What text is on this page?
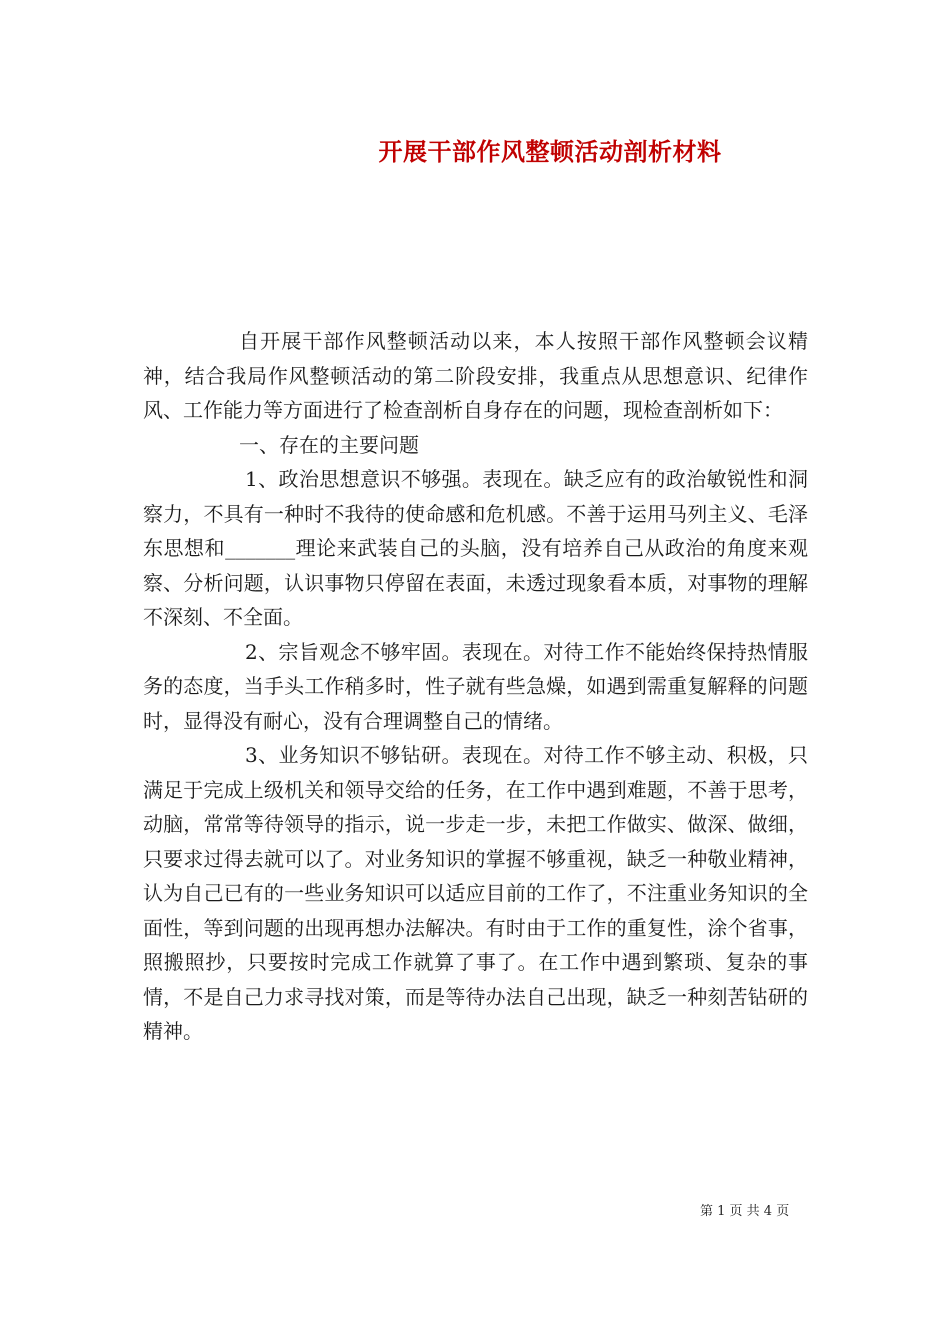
开展干部作风整顿活动剖析材料

自开展干部作风整顿活动以来，本人按照干部作风整顿会议精神，结合我局作风整顿活动的第二阶段安排，我重点从思想意识、纪律作风、工作能力等方面进行了检查剖析自身存在的问题，现检查剖析如下：

一、存在的主要问题

1、政治思想意识不够强。表现在。缺乏应有的政治敏锐性和洞察力，不具有一种时不我待的使命感和危机感。不善于运用马列主义、毛泽东思想和_______理论来武装自己的头脑，没有培养自己从政治的角度来观察、分析问题，认识事物只停留在表面，未透过现象看本质，对事物的理解不深刻、不全面。

2、宗旨观念不够牢固。表现在。对待工作不能始终保持热情服务的态度，当手头工作稍多时，性子就有些急燥，如遇到需重复解释的问题时，显得没有耐心，没有合理调整自己的情绪。

3、业务知识不够钻研。表现在。对待工作不够主动、积极，只满足于完成上级机关和领导交给的任务，在工作中遇到难题，不善于思考，动脑，常常等待领导的指示，说一步走一步，未把工作做实、做深、做细，只要求过得去就可以了。对业务知识的掌握不够重视，缺乏一种敬业精神，认为自己已有的一些业务知识可以适应目前的工作了，不注重业务知识的全面性，等到问题的出现再想办法解决。有时由于工作的重复性，涂个省事，照搬照抄，只要按时完成工作就算了事了。在工作中遇到繁琐、复杂的事情，不是自己力求寻找对策，而是等待办法自己出现，缺乏一种刻苦钻研的精神。

第 1 页 共 4 页
